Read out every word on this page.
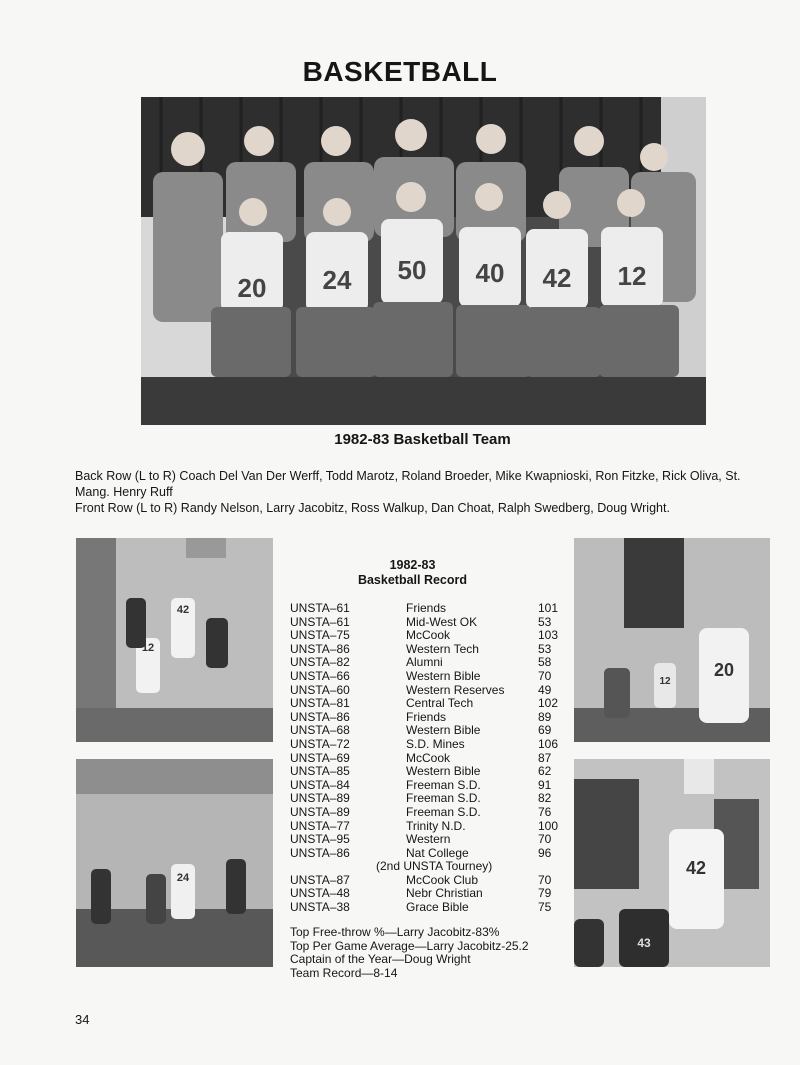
BASKETBALL
20 24 50 40 42 12
1982-83 Basketball Team

Back Row (L to R) Coach Del Van Der Werff, Todd Marotz, Roland Broeder, Mike Kwapnioski, Ron Fitzke, Rick Oliva, St. Mang. Henry Ruff

Front Row (L to R) Randy Nelson, Larry Jacobitz, Ross Walkup, Dan Choat, Ralph Swedberg, Doug Wright.

42
12
24
20
12
42
43
1982-83
Basketball Record
UNSTA–61	Friends	101
UNSTA–61	Mid-West OK	53
UNSTA–75	McCook	103
UNSTA–86	Western Tech	53
UNSTA–82	Alumni	58
UNSTA–66	Western Bible	70
UNSTA–60	Western Reserves	49
UNSTA–81	Central Tech	102
UNSTA–86	Friends	89
UNSTA–68	Western Bible	69
UNSTA–72	S.D. Mines	106
UNSTA–69	McCook	87
UNSTA–85	Western Bible	62
UNSTA–84	Freeman S.D.	91
UNSTA–89	Freeman S.D.	82
UNSTA–89	Freeman S.D.	76
UNSTA–77	Trinity N.D.	100
UNSTA–95	Western	70
UNSTA–86	Nat College	96
(2nd UNSTA Tourney)		
UNSTA–87	McCook Club	70
UNSTA–48	Nebr Christian	79
UNSTA–38	Grace Bible	75
Top Free-throw %—Larry Jacobitz-83%
Top Per Game Average—Larry Jacobitz-25.2
Captain of the Year—Doug Wright
Team Record—8-14
34
